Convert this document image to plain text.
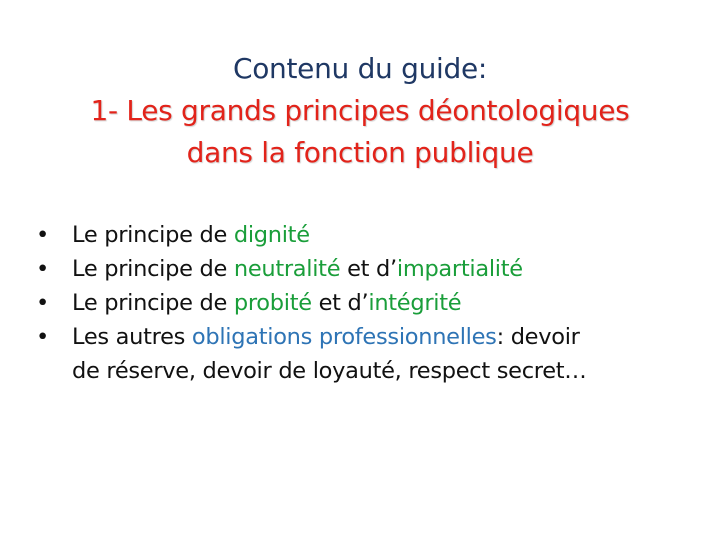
Contenu du guide:
1- Les grands principes déontologiques
dans la fonction publique
• Le principe de dignité
• Le principe de neutralité et d’impartialité
• Le principe de probité et d’intégrité
• Les autres obligations professionnelles: devoir
de réserve, devoir de loyauté, respect secret…
